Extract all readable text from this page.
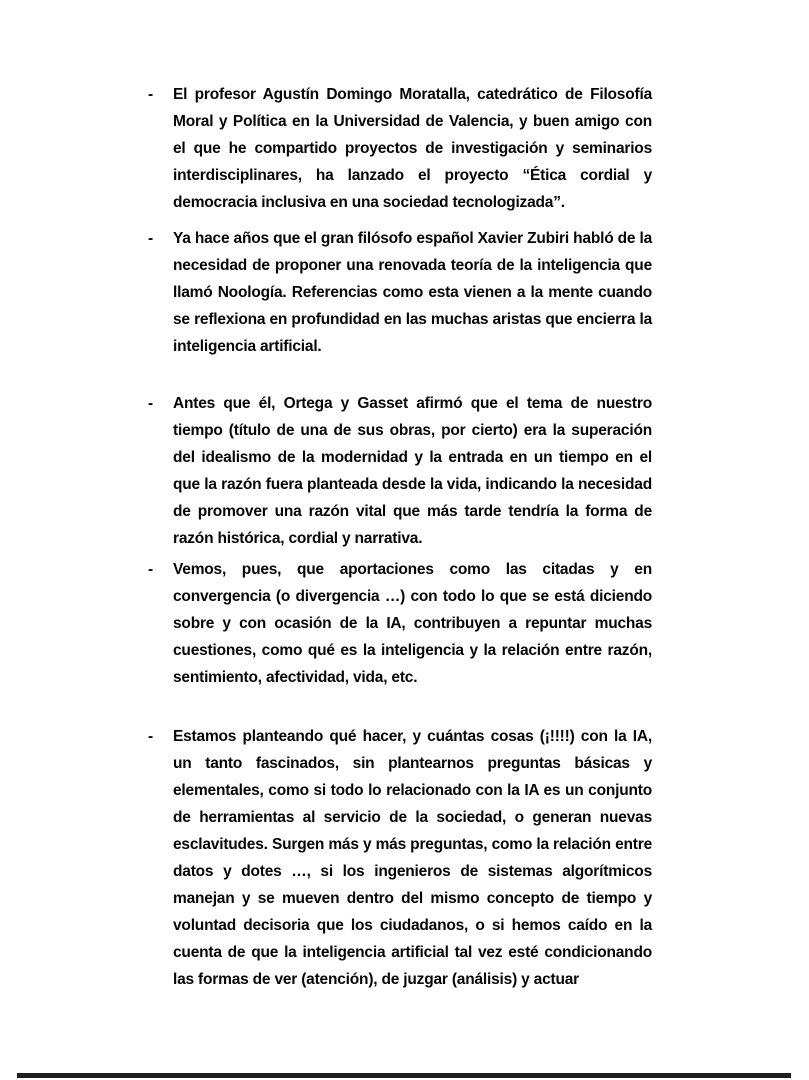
-	El profesor Agustín Domingo Moratalla, catedrático de Filosofía Moral y Política en la Universidad de Valencia, y buen amigo con el que he compartido proyectos de investigación y seminarios interdisciplinares, ha lanzado el proyecto “Ética cordial y democracia inclusiva en una sociedad tecnologizada”.
-	Ya hace años que el gran filósofo español Xavier Zubiri habló de la necesidad de proponer una renovada teoría de la inteligencia que llamó Noología. Referencias como esta vienen a la mente cuando se reflexiona en profundidad en las muchas aristas que encierra la inteligencia artificial.
-	Antes que él, Ortega y Gasset afirmó que el tema de nuestro tiempo (título de una de sus obras, por cierto) era la superación del idealismo de la modernidad y la entrada en un tiempo en el que la razón fuera planteada desde la vida, indicando la necesidad de promover una razón vital que más tarde tendría la forma de razón histórica, cordial y narrativa.
-	Vemos, pues, que aportaciones como las citadas y en convergencia (o divergencia …) con todo lo que se está diciendo sobre y con ocasión de la IA, contribuyen a repuntar muchas cuestiones, como qué es la inteligencia y la relación entre razón, sentimiento, afectividad, vida, etc.
-	Estamos planteando qué hacer, y cuántas cosas (¡!!!!) con la IA, un tanto fascinados, sin plantearnos preguntas básicas y elementales, como si todo lo relacionado con la IA es un conjunto de herramientas al servicio de la sociedad, o generan nuevas esclavitudes. Surgen más y más preguntas, como la relación entre datos y dotes …, si los ingenieros de sistemas algorítmicos manejan y se mueven dentro del mismo concepto de tiempo y voluntad decisoria que los ciudadanos, o si hemos caído en la cuenta de que la inteligencia artificial tal vez esté condicionando las formas de ver (atención), de juzgar (análisis) y actuar
